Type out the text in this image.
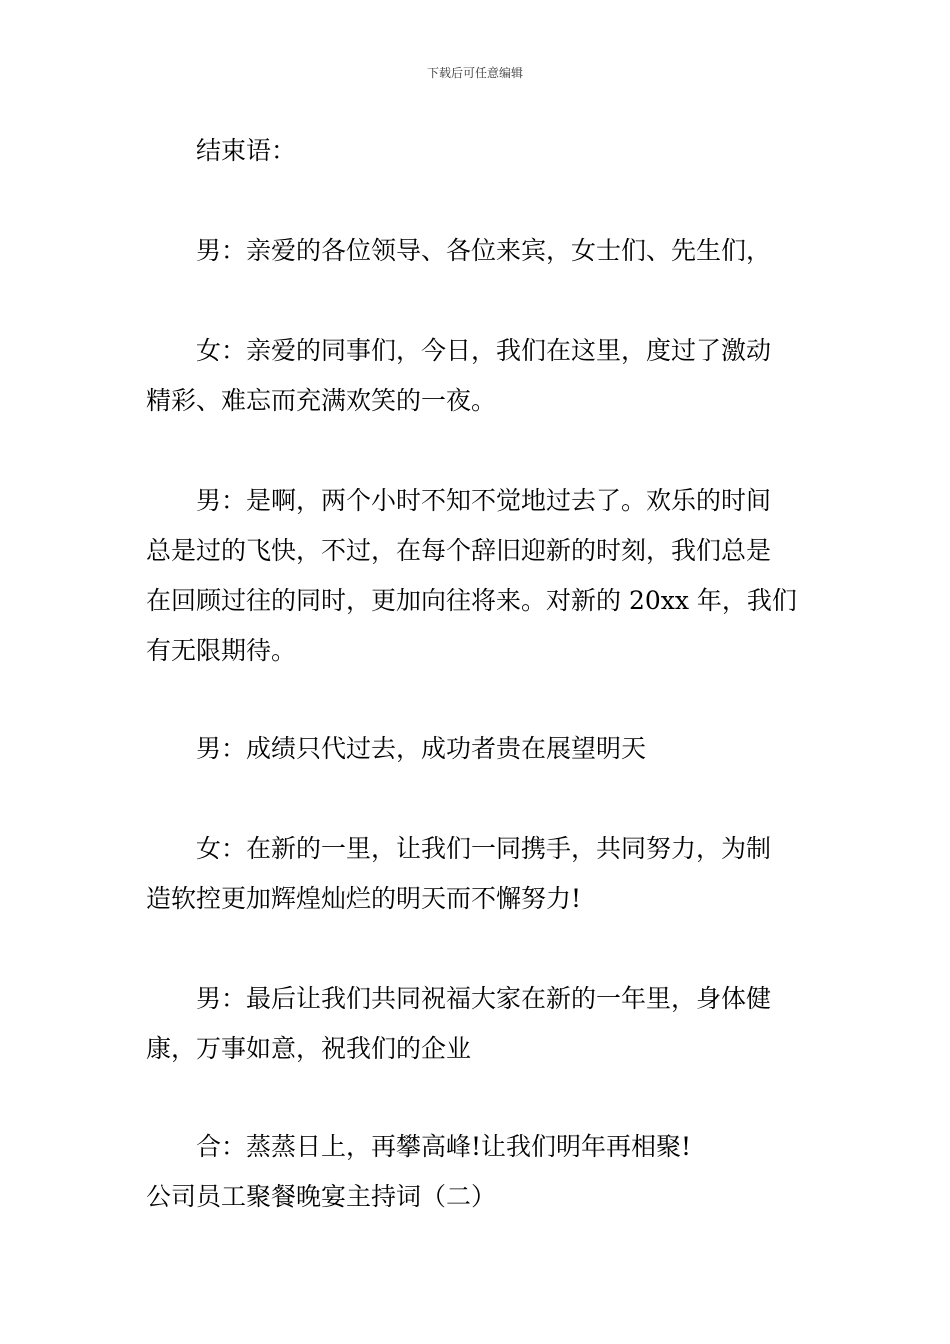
下载后可任意编辑
结束语：
男：亲爱的各位领导、各位来宾，女士们、先生们，
女：亲爱的同事们，今日，我们在这里，度过了激动
精彩、难忘而充满欢笑的一夜。
男：是啊，两个小时不知不觉地过去了。欢乐的时间
总是过的飞快，不过，在每个辞旧迎新的时刻，我们总是
在回顾过往的同时，更加向往将来。对新的 20xx 年，我们
有无限期待。
男：成绩只代过去，成功者贵在展望明天
女：在新的一里，让我们一同携手，共同努力，为制
造软控更加辉煌灿烂的明天而不懈努力!
男：最后让我们共同祝福大家在新的一年里，身体健
康，万事如意，祝我们的企业
合：蒸蒸日上，再攀高峰!让我们明年再相聚!
公司员工聚餐晚宴主持词（二）
